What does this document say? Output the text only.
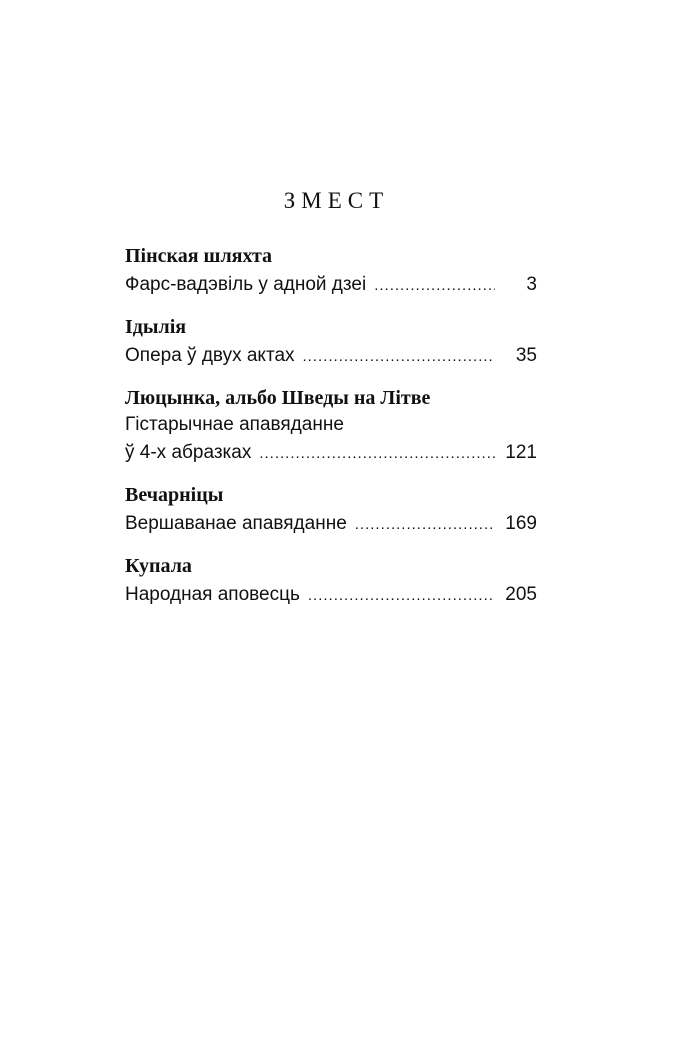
ЗМЕСТ
Пінская шляхта
Фарс-вадэвіль у адной дзеі .....	3
Ідылія
Опера ў двух актах .....	35
Люцынка, альбо Шведы на Літве
Гістарычнае апавяданне
ў 4-х абразках .....	121
Вечарніцы
Вершаванае апавяданне .....	169
Купала
Народная аповесць .....	205
